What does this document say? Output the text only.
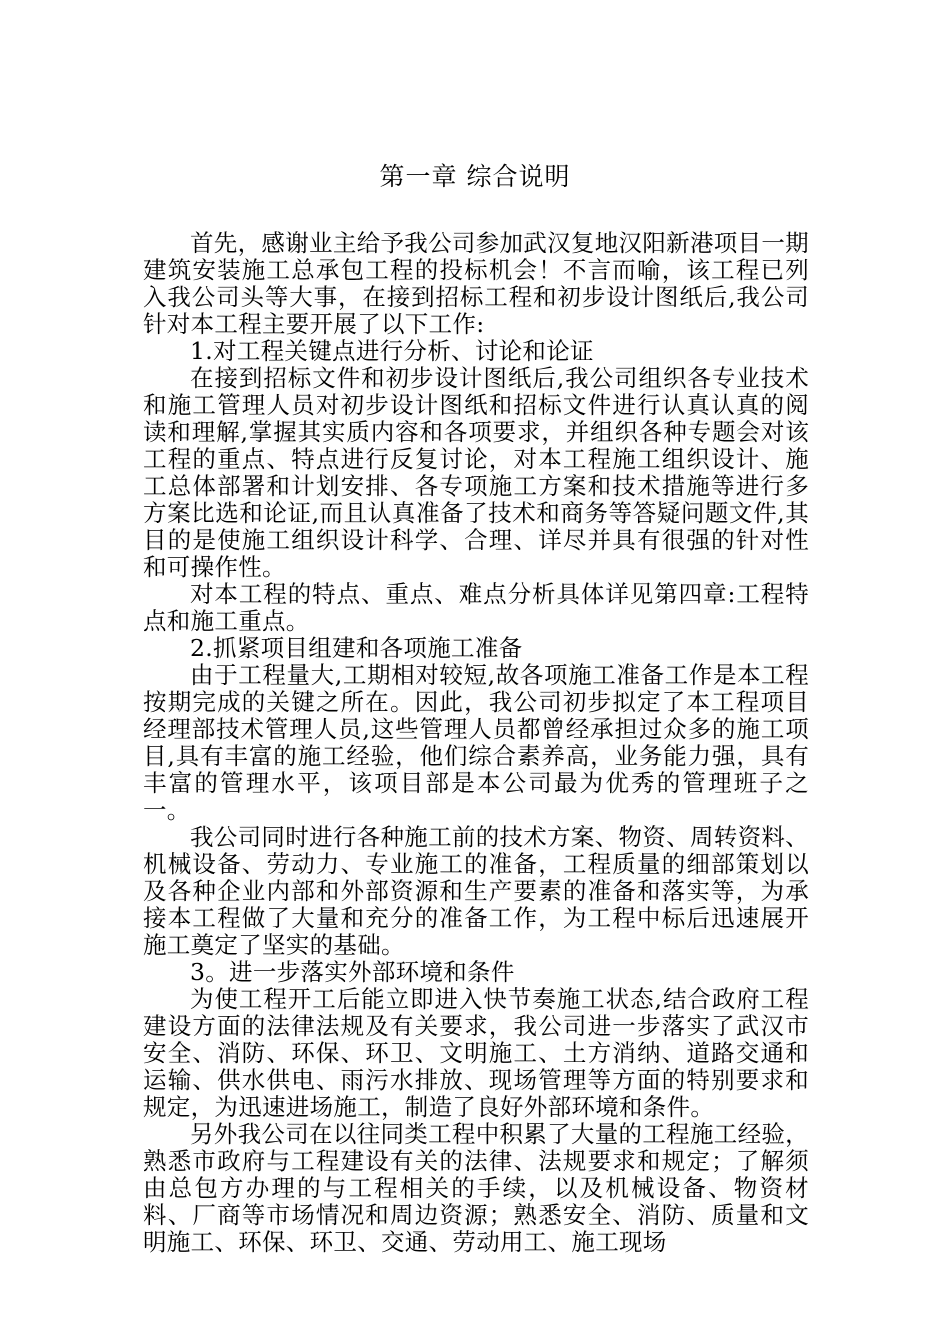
第一章 综合说明

首先，感谢业主给予我公司参加武汉复地汉阳新港项目一期建筑安装施工总承包工程的投标机会！不言而喻，该工程已列入我公司头等大事，在接到招标工程和初步设计图纸后,我公司针对本工程主要开展了以下工作:

1.对工程关键点进行分析、讨论和论证

在接到招标文件和初步设计图纸后,我公司组织各专业技术和施工管理人员对初步设计图纸和招标文件进行认真认真的阅读和理解,掌握其实质内容和各项要求，并组织各种专题会对该工程的重点、特点进行反复讨论，对本工程施工组织设计、施工总体部署和计划安排、各专项施工方案和技术措施等进行多方案比选和论证,而且认真准备了技术和商务等答疑问题文件,其目的是使施工组织设计科学、合理、详尽并具有很强的针对性和可操作性。

对本工程的特点、重点、难点分析具体详见第四章:工程特点和施工重点。

2.抓紧项目组建和各项施工准备

由于工程量大,工期相对较短,故各项施工准备工作是本工程按期完成的关键之所在。因此，我公司初步拟定了本工程项目经理部技术管理人员,这些管理人员都曾经承担过众多的施工项目,具有丰富的施工经验，他们综合素养高，业务能力强，具有丰富的管理水平，该项目部是本公司最为优秀的管理班子之一。

我公司同时进行各种施工前的技术方案、物资、周转资料、机械设备、劳动力、专业施工的准备，工程质量的细部策划以及各种企业内部和外部资源和生产要素的准备和落实等，为承接本工程做了大量和充分的准备工作，为工程中标后迅速展开施工奠定了坚实的基础。

3。进一步落实外部环境和条件

为使工程开工后能立即进入快节奏施工状态,结合政府工程建设方面的法律法规及有关要求，我公司进一步落实了武汉市安全、消防、环保、环卫、文明施工、土方消纳、道路交通和运输、供水供电、雨污水排放、现场管理等方面的特别要求和规定，为迅速进场施工，制造了良好外部环境和条件。

另外我公司在以往同类工程中积累了大量的工程施工经验，熟悉市政府与工程建设有关的法律、法规要求和规定；了解须由总包方办理的与工程相关的手续，以及机械设备、物资材料、厂商等市场情况和周边资源；熟悉安全、消防、质量和文明施工、环保、环卫、交通、劳动用工、施工现场
